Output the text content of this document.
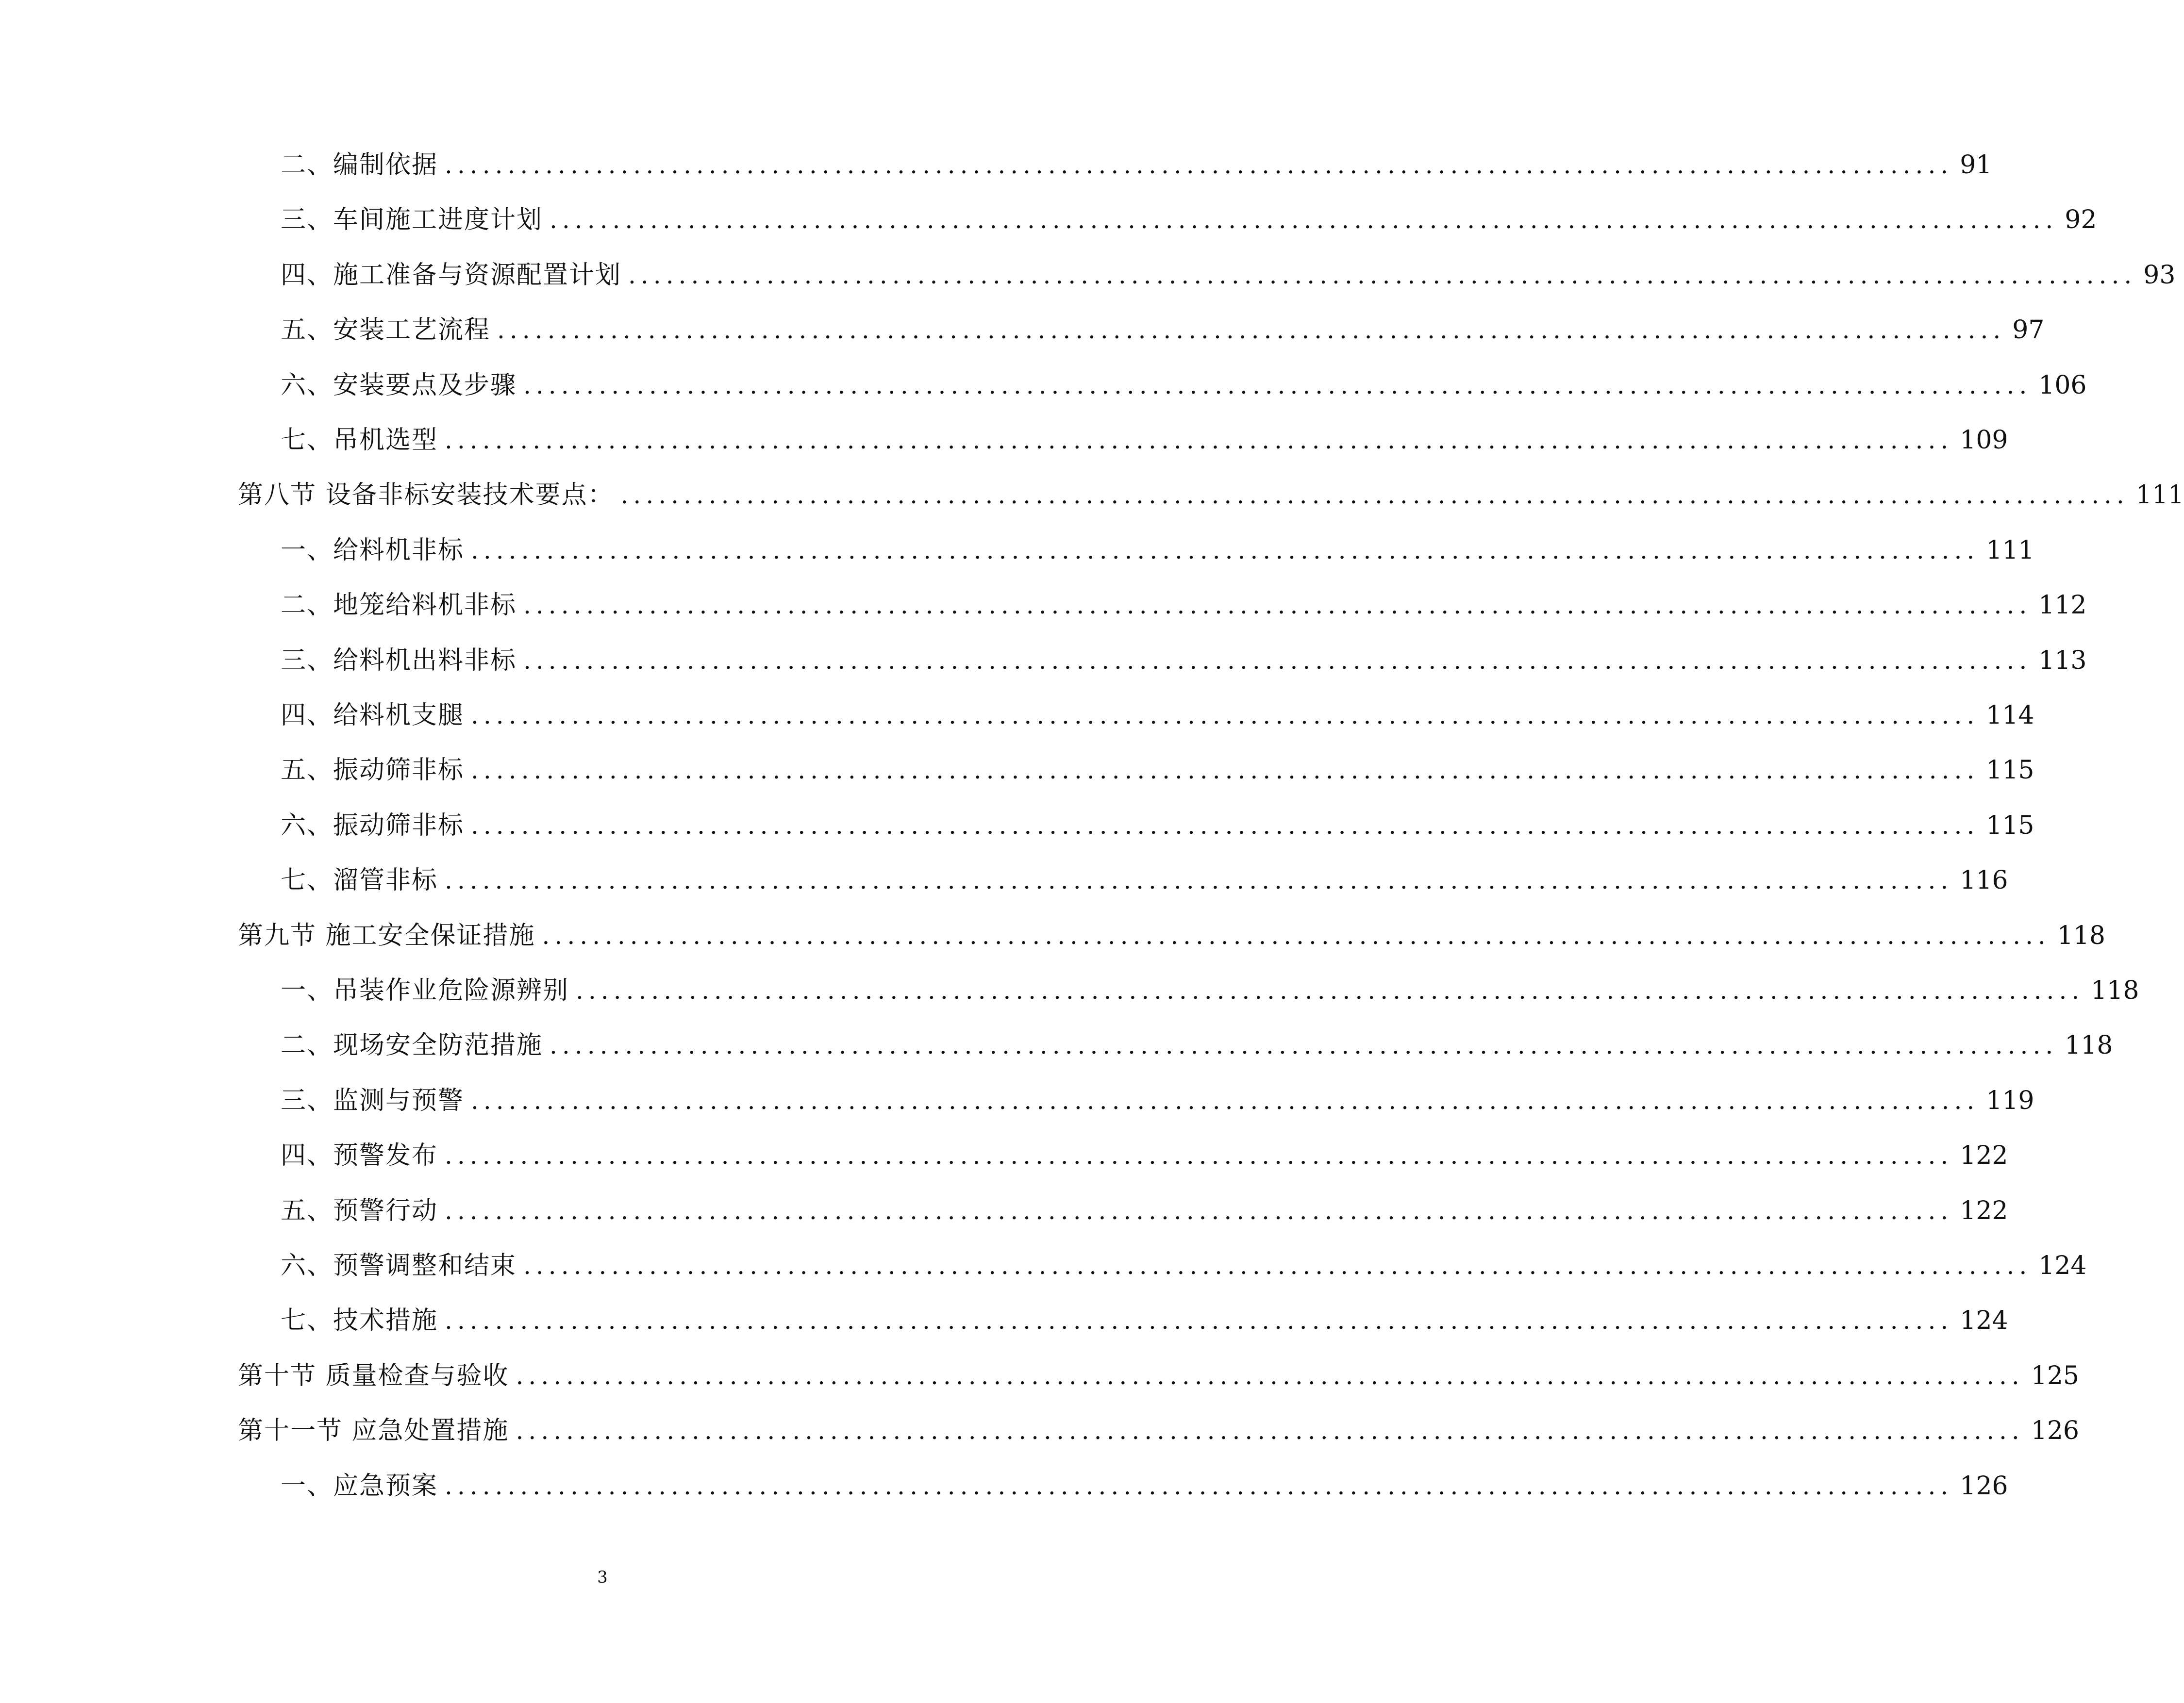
二、编制依据 ........................................................................................................................ 91
三、车间施工进度计划 ........................................................................................................................ 92
四、施工准备与资源配置计划 ........................................................................................................................ 93
五、安装工艺流程 ........................................................................................................................ 97
六、安装要点及步骤 ........................................................................................................................ 106
七、吊机选型 ........................................................................................................................ 109
第八节 设备非标安装技术要点： ........................................................................................................................ 111
一、给料机非标 ........................................................................................................................ 111
二、地笼给料机非标 ........................................................................................................................ 112
三、给料机出料非标 ........................................................................................................................ 113
四、给料机支腿 ........................................................................................................................ 114
五、振动筛非标 ........................................................................................................................ 115
六、振动筛非标 ........................................................................................................................ 115
七、溜管非标 ........................................................................................................................ 116
第九节 施工安全保证措施 ........................................................................................................................ 118
一、吊装作业危险源辨别 ........................................................................................................................ 118
二、现场安全防范措施 ........................................................................................................................ 118
三、监测与预警 ........................................................................................................................ 119
四、预警发布 ........................................................................................................................ 122
五、预警行动 ........................................................................................................................ 122
六、预警调整和结束 ........................................................................................................................ 124
七、技术措施 ........................................................................................................................ 124
第十节 质量检查与验收 ........................................................................................................................ 125
第十一节 应急处置措施 ........................................................................................................................ 126
一、应急预案 ........................................................................................................................ 126
3
